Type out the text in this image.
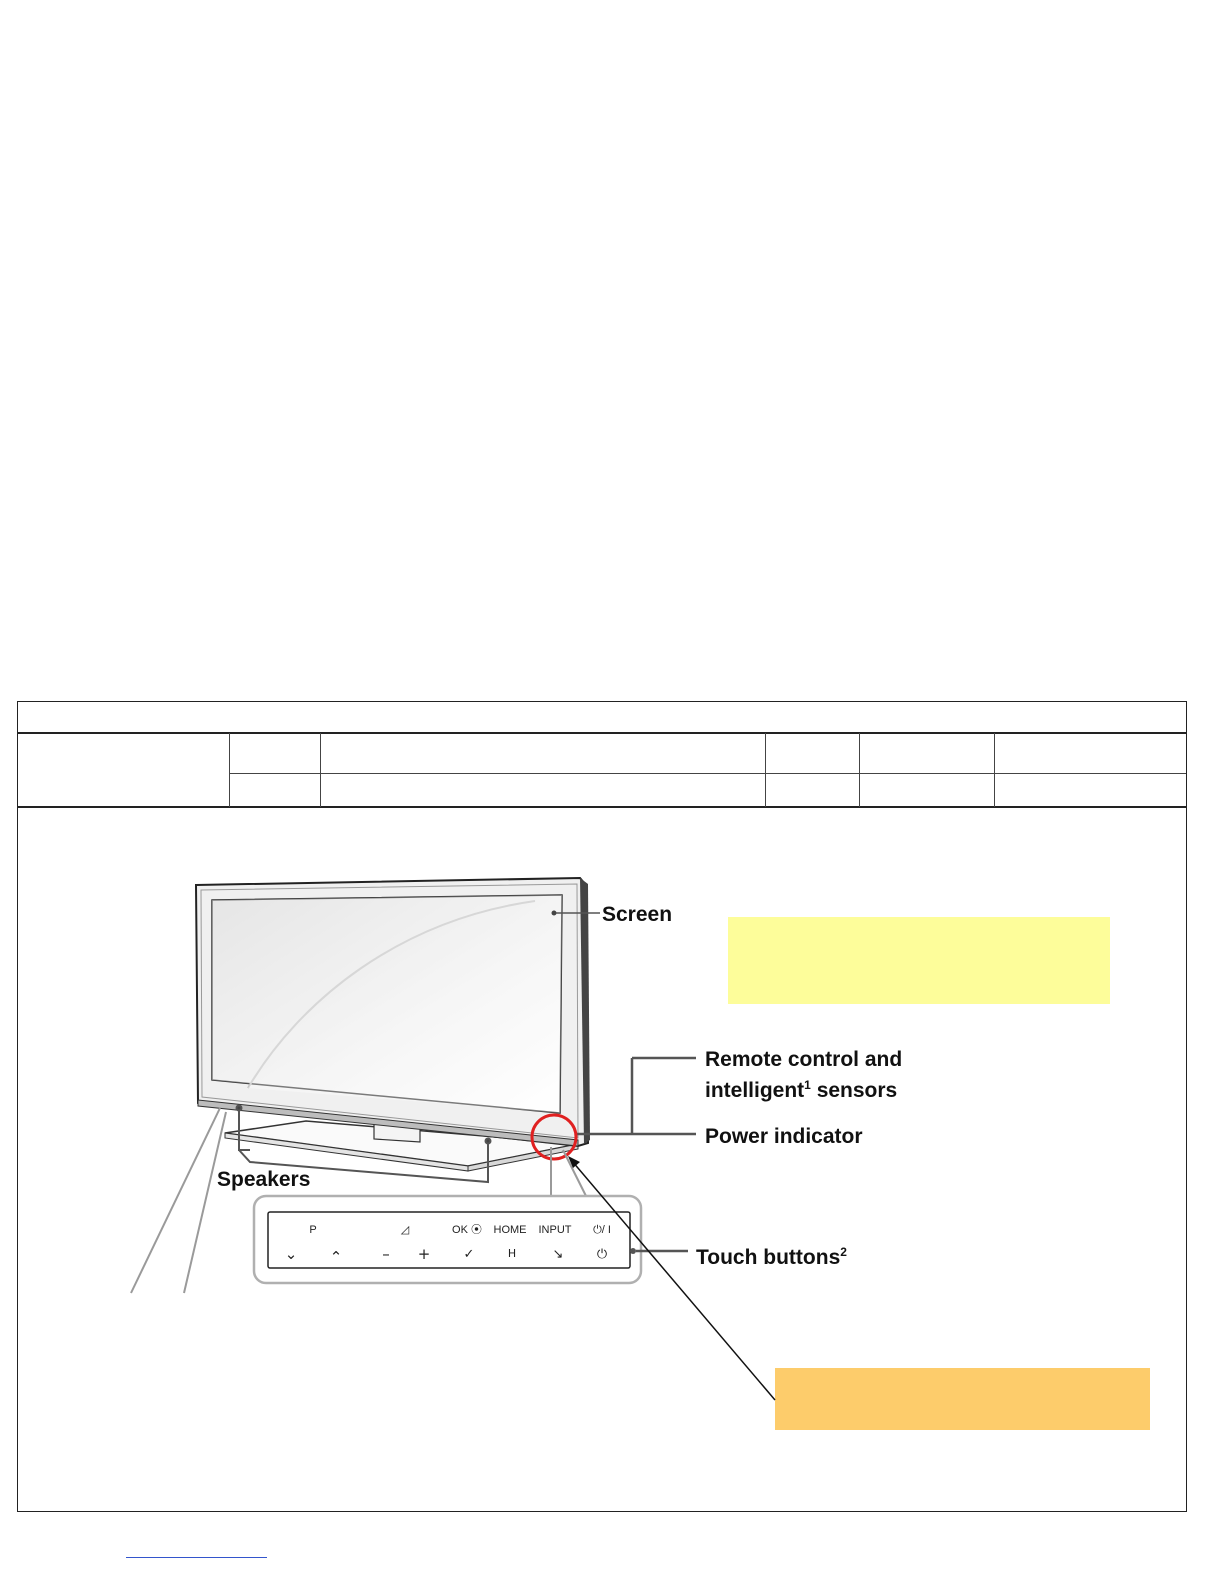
P	◿	OK ⦿ HOME INPUT ⏻/ I
⌄ ⌃	– +	✓	H	↘	⏻
Screen
Remote control and
intelligent$^1$ sensors
Power indicator
Speakers
Touch buttons$^2$
